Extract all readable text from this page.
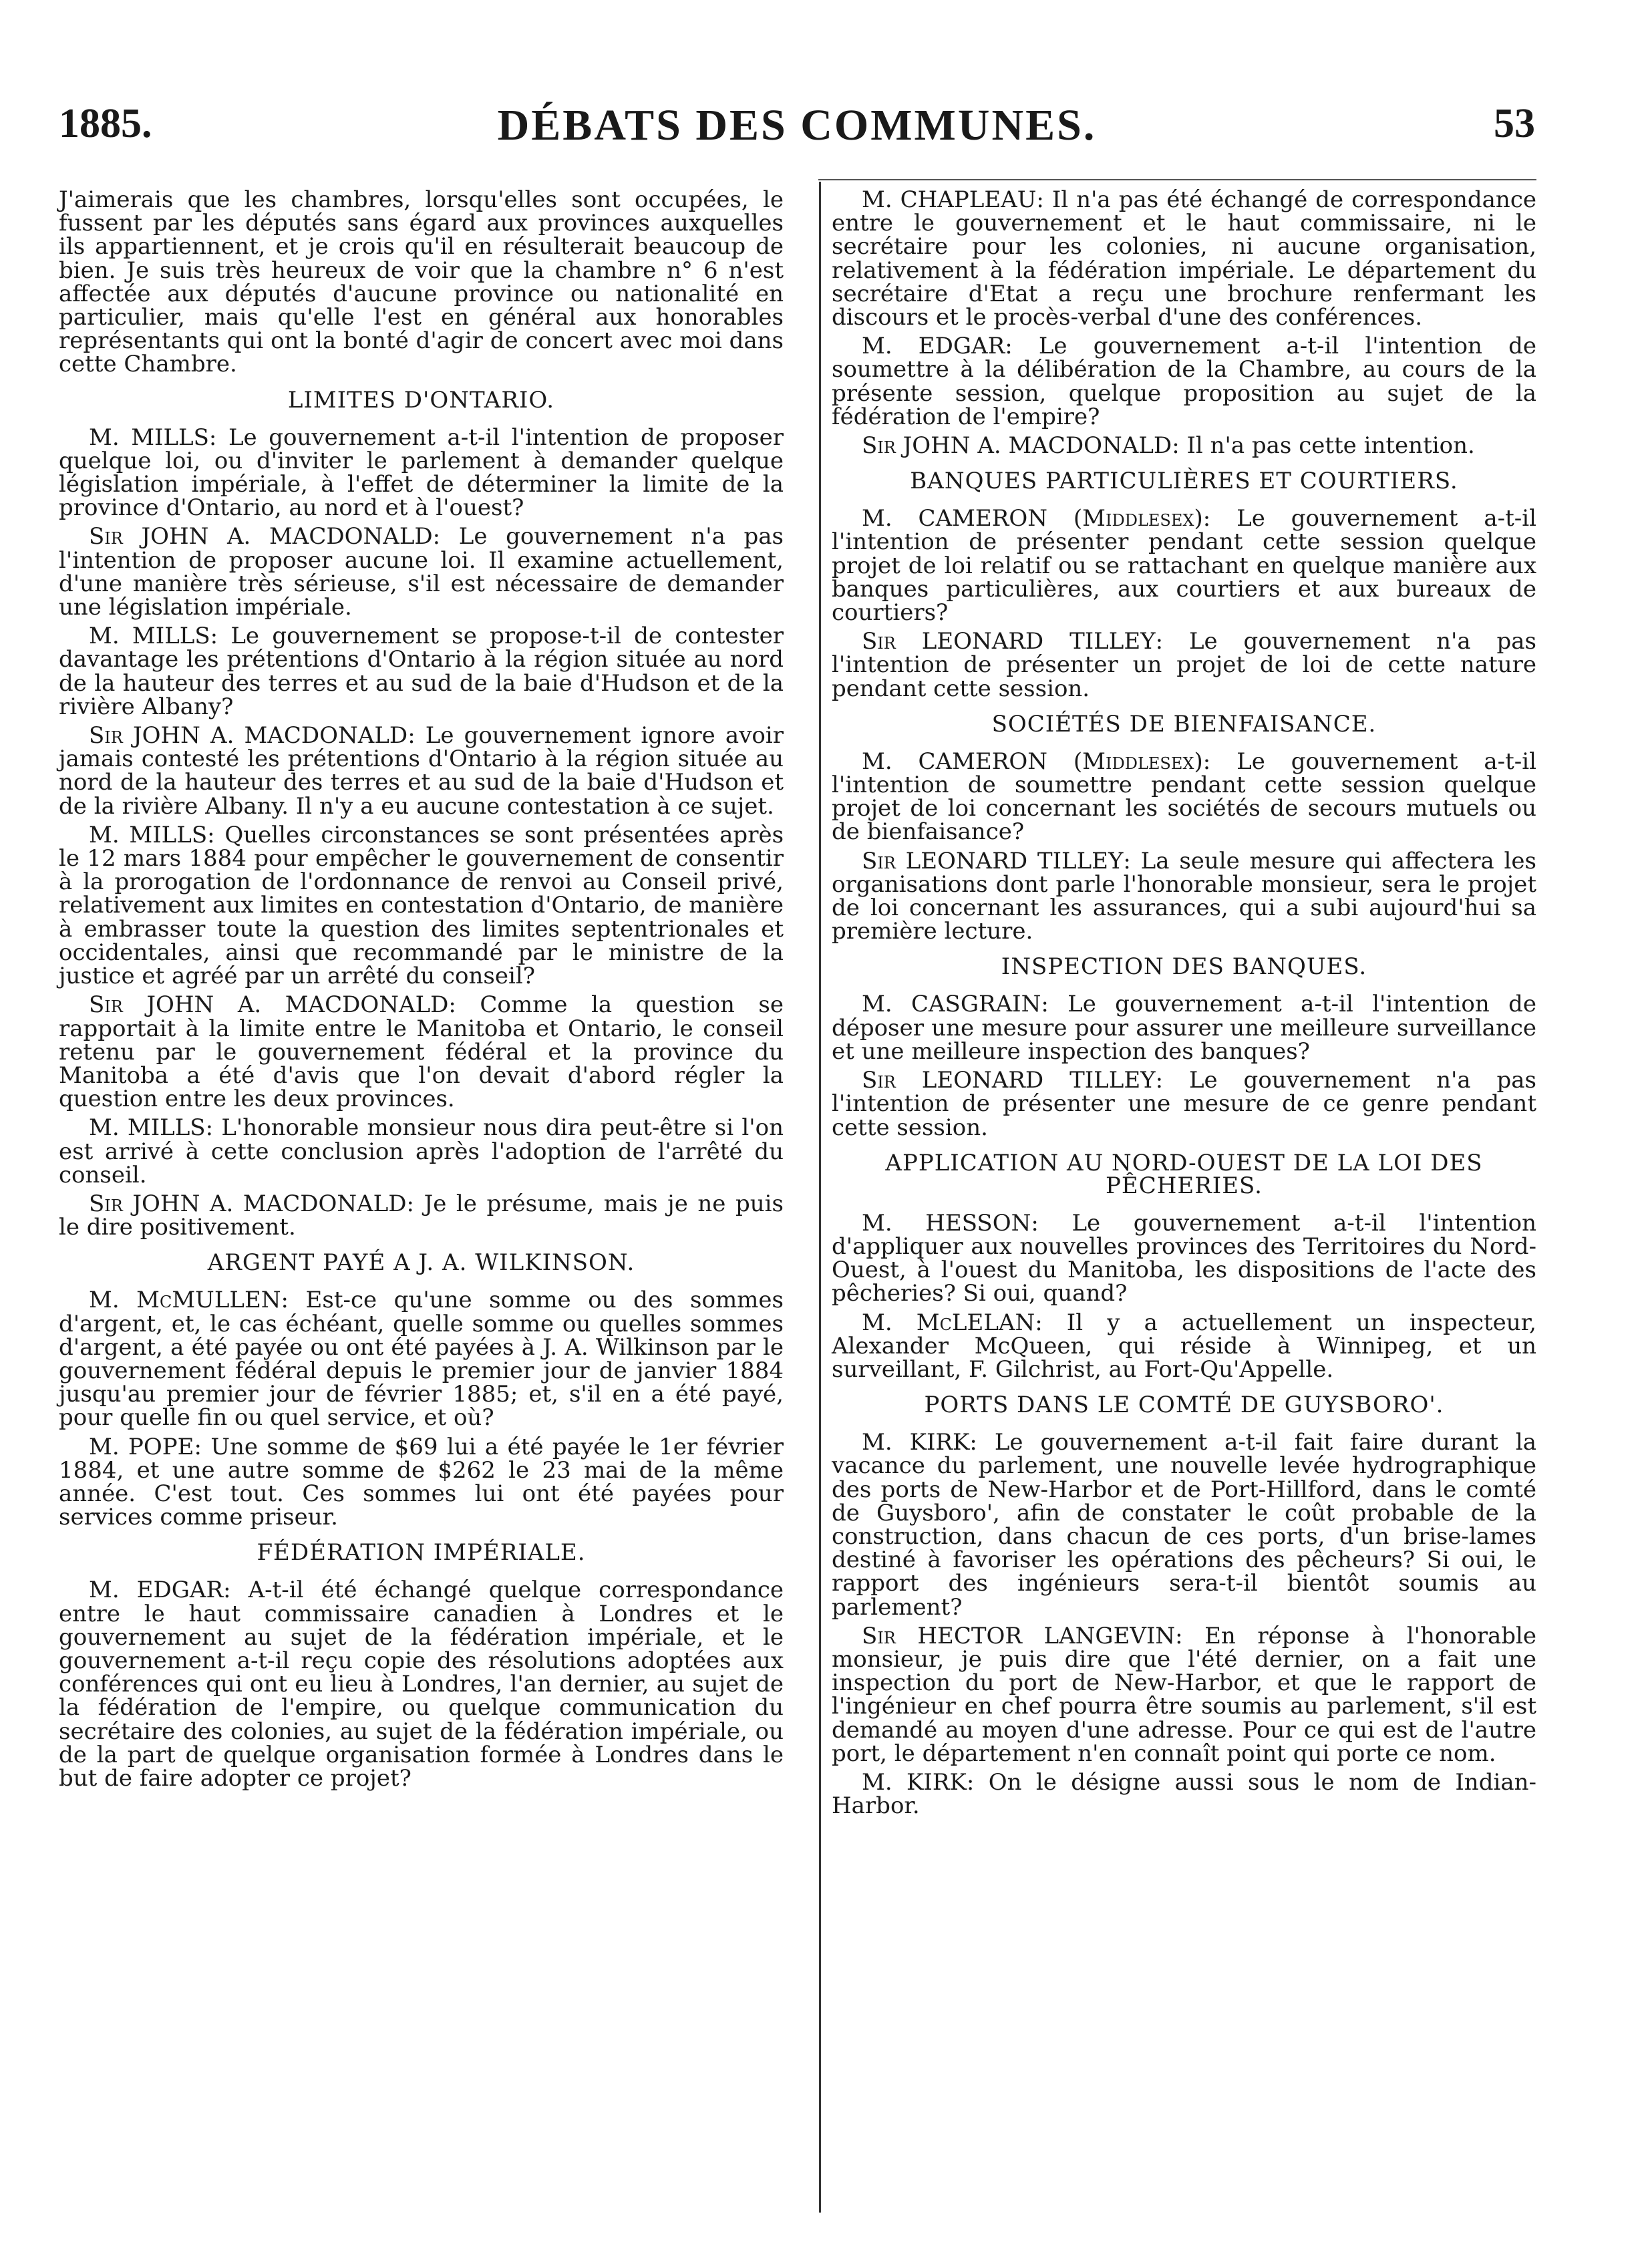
1885.	DÉBATS DES COMMUNES.	53

J'aimerais que les chambres, lorsqu'elles sont occupées, le fussent par les députés sans égard aux provinces auxquelles ils appartiennent, et je crois qu'il en résulterait beaucoup de bien. Je suis très heureux de voir que la chambre n° 6 n'est affectée aux députés d'aucune province ou nationalité en particulier, mais qu'elle l'est en général aux honorables représentants qui ont la bonté d'agir de concert avec moi dans cette Chambre.

LIMITES D'ONTARIO.

M. MILLS: Le gouvernement a-t-il l'intention de proposer quelque loi, ou d'inviter le parlement à demander quelque législation impériale, à l'effet de déterminer la limite de la province d'Ontario, au nord et à l'ouest?

Sir JOHN A. MACDONALD: Le gouvernement n'a pas l'intention de proposer aucune loi. Il examine actuellement, d'une manière très sérieuse, s'il est nécessaire de demander une législation impériale.

M. MILLS: Le gouvernement se propose-t-il de contester davantage les prétentions d'Ontario à la région située au nord de la hauteur des terres et au sud de la baie d'Hudson et de la rivière Albany?

Sir JOHN A. MACDONALD: Le gouvernement ignore avoir jamais contesté les prétentions d'Ontario à la région située au nord de la hauteur des terres et au sud de la baie d'Hudson et de la rivière Albany. Il n'y a eu aucune contestation à ce sujet.

M. MILLS: Quelles circonstances se sont présentées après le 12 mars 1884 pour empêcher le gouvernement de consentir à la prorogation de l'ordonnance de renvoi au Conseil privé, relativement aux limites en contestation d'Ontario, de manière à embrasser toute la question des limites septentrionales et occidentales, ainsi que recommandé par le ministre de la justice et agréé par un arrêté du conseil?

Sir JOHN A. MACDONALD: Comme la question se rapportait à la limite entre le Manitoba et Ontario, le conseil retenu par le gouvernement fédéral et la province du Manitoba a été d'avis que l'on devait d'abord régler la question entre les deux provinces.

M. MILLS: L'honorable monsieur nous dira peut-être si l'on est arrivé à cette conclusion après l'adoption de l'arrêté du conseil.

Sir JOHN A. MACDONALD: Je le présume, mais je ne puis le dire positivement.

ARGENT PAYÉ A J. A. WILKINSON.

M. McMULLEN: Est-ce qu'une somme ou des sommes d'argent, et, le cas échéant, quelle somme ou quelles sommes d'argent, a été payée ou ont été payées à J. A. Wilkinson par le gouvernement fédéral depuis le premier jour de janvier 1884 jusqu'au premier jour de février 1885; et, s'il en a été payé, pour quelle fin ou quel service, et où?

M. POPE: Une somme de $69 lui a été payée le 1er février 1884, et une autre somme de $262 le 23 mai de la même année. C'est tout. Ces sommes lui ont été payées pour services comme priseur.

FÉDÉRATION IMPÉRIALE.

M. EDGAR: A-t-il été échangé quelque correspondance entre le haut commissaire canadien à Londres et le gouvernement au sujet de la fédération impériale, et le gouvernement a-t-il reçu copie des résolutions adoptées aux conférences qui ont eu lieu à Londres, l'an dernier, au sujet de la fédération de l'empire, ou quelque communication du secrétaire des colonies, au sujet de la fédération impériale, ou de la part de quelque organisation formée à Londres dans le but de faire adopter ce projet?

M. CHAPLEAU: Il n'a pas été échangé de correspondance entre le gouvernement et le haut commissaire, ni le secrétaire pour les colonies, ni aucune organisation, relativement à la fédération impériale. Le département du secrétaire d'Etat a reçu une brochure renfermant les discours et le procès-verbal d'une des conférences.

M. EDGAR: Le gouvernement a-t-il l'intention de soumettre à la délibération de la Chambre, au cours de la présente session, quelque proposition au sujet de la fédération de l'empire?

Sir JOHN A. MACDONALD: Il n'a pas cette intention.

BANQUES PARTICULIÈRES ET COURTIERS.

M. CAMERON (Middlesex): Le gouvernement a-t-il l'intention de présenter pendant cette session quelque projet de loi relatif ou se rattachant en quelque manière aux banques particulières, aux courtiers et aux bureaux de courtiers?

Sir LEONARD TILLEY: Le gouvernement n'a pas l'intention de présenter un projet de loi de cette nature pendant cette session.

SOCIÉTÉS DE BIENFAISANCE.

M. CAMERON (Middlesex): Le gouvernement a-t-il l'intention de soumettre pendant cette session quelque projet de loi concernant les sociétés de secours mutuels ou de bienfaisance?

Sir LEONARD TILLEY: La seule mesure qui affectera les organisations dont parle l'honorable monsieur, sera le projet de loi concernant les assurances, qui a subi aujourd'hui sa première lecture.

INSPECTION DES BANQUES.

M. CASGRAIN: Le gouvernement a-t-il l'intention de déposer une mesure pour assurer une meilleure surveillance et une meilleure inspection des banques?

Sir LEONARD TILLEY: Le gouvernement n'a pas l'intention de présenter une mesure de ce genre pendant cette session.

APPLICATION AU NORD-OUEST DE LA LOI DES PÊCHERIES.

M. HESSON: Le gouvernement a-t-il l'intention d'appliquer aux nouvelles provinces des Territoires du Nord-Ouest, à l'ouest du Manitoba, les dispositions de l'acte des pêcheries? Si oui, quand?

M. McLELAN: Il y a actuellement un inspecteur, Alexander McQueen, qui réside à Winnipeg, et un surveillant, F. Gilchrist, au Fort-Qu'Appelle.

PORTS DANS LE COMTÉ DE GUYSBORO'.

M. KIRK: Le gouvernement a-t-il fait faire durant la vacance du parlement, une nouvelle levée hydrographique des ports de New-Harbor et de Port-Hillford, dans le comté de Guysboro', afin de constater le coût probable de la construction, dans chacun de ces ports, d'un brise-lames destiné à favoriser les opérations des pêcheurs? Si oui, le rapport des ingénieurs sera-t-il bientôt soumis au parlement?

Sir HECTOR LANGEVIN: En réponse à l'honorable monsieur, je puis dire que l'été dernier, on a fait une inspection du port de New-Harbor, et que le rapport de l'ingénieur en chef pourra être soumis au parlement, s'il est demandé au moyen d'une adresse. Pour ce qui est de l'autre port, le département n'en connaît point qui porte ce nom.

M. KIRK: On le désigne aussi sous le nom de Indian-Harbor.
